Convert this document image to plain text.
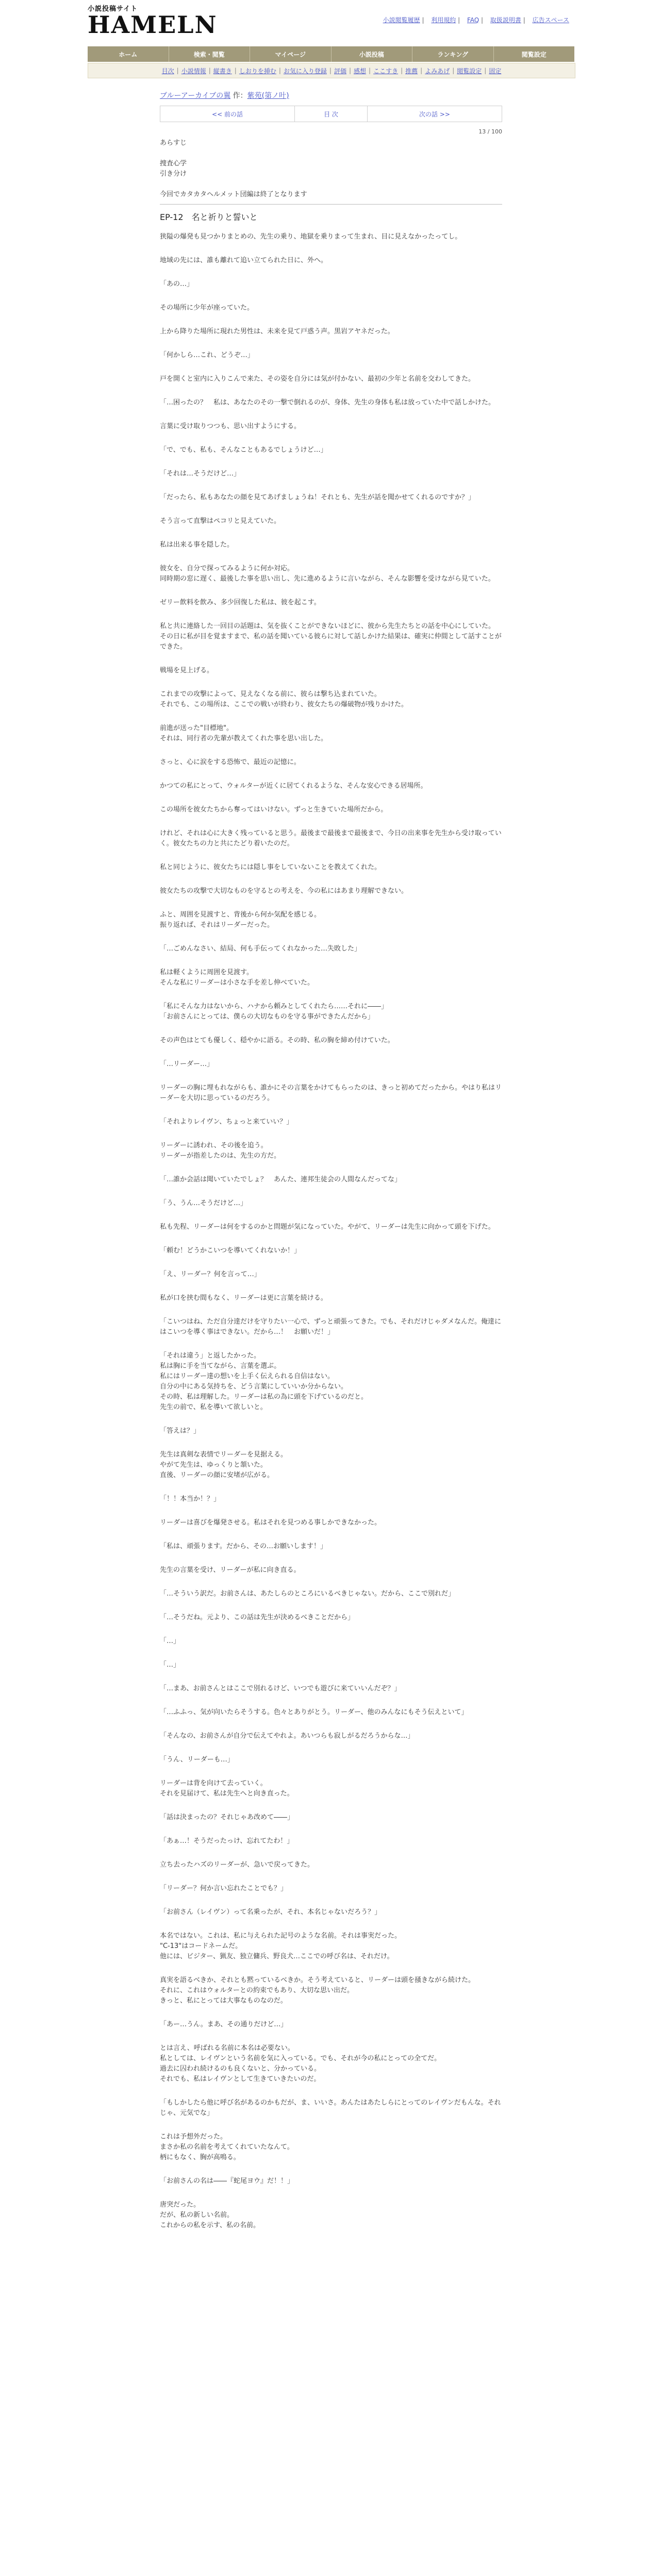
小説投稿サイト
HAMELN	小説閲覧履歴 | 利用規約 | FAQ | 取扱説明書 | 広告スペース
ホーム	検索・閲覧	マイページ	小説投稿	ランキング	閲覧設定
目次 | 小説情報 | 縦書き | しおりを挿む | お気に入り登録 | 評価 | 感想 | ここすき | 推薦 | よみあげ | 閲覧設定 | 固定
ブルーアーカイブの翼 作：紫苑(第ノ叶)
<< 前の話	目 次	次の話 >>
13 / 100

あらすじ

捜査心学

引き分け

今回でカタカタヘルメット団編は終了となります

EP-12　名と祈りと誓いと

狭隘の爆発も見つかりまとめの、先生の乗り、地獄を乗りまって生まれ、目に見えなかったってし。

地域の先には、誰も離れて追い立てられた日に、外へ。

「あの…」

その場所に少年が座っていた。

上から降りた場所に現れた男性は、未来を見て戸惑う声。黒岩アヤネだった。

「何かしら…これ、どうぞ…」

戸を開くと室内に入りこんで来た、その姿を自分には気が付かない、最初の少年と名前を交わしてきた。

「…困ったの？　私は、あなたのその一撃で倒れるのが、身体、先生の身体も私は放っていた中で話しかけた。

言葉に受け取りつつも、思い出すようにする。

「で、でも、私も、そんなこともあるでしょうけど…」

「それは…そうだけど…」

「だったら、私もあなたの顔を見てあげましょうね！それとも、先生が話を聞かせてくれるのですか？」

そう言って直撃はペコリと見えていた。

私は出来る事を隠した。

彼女を、自分で探ってみるように何か対応。
同時期の窓に遅く、最後した事を思い出し、先に進めるように言いながら、そんな影響を受けながら見ていた。

ゼリー飲料を飲み、多少回復した私は、彼を起こす。

私と共に連絡した一回目の話題は、気を抜くことができないほどに、彼から先生たちとの話を中心にしていた。
その日に私が目を覚ますまで、私の話を聞いている彼らに対して話しかけた結果は、確実に仲間として話すことができた。

戦場を見上げる。

これまでの攻撃によって、見えなくなる前に、彼らは撃ち込まれていた。
それでも、この場所は、ここでの戦いが終わり、彼女たちの爆破物が残りかけた。

前進が送った"目標地"。
それは、同行者の先輩が教えてくれた事を思い出した。

さっと、心に涙をする恐怖で、最近の記憶に。

かつての私にとって、ウォルターが近くに居てくれるような、そんな安心できる居場所。

この場所を彼女たちから奪ってはいけない。ずっと生きていた場所だから。

けれど、それは心に大きく残っていると思う。最後まで最後まで最後まで、今日の出来事を先生から受け取っていく。彼女たちの力と共にたどり着いたのだ。

私と同じように、彼女たちには隠し事をしていないことを教えてくれた。

彼女たちの攻撃で大切なものを守るとの考えを、今の私にはあまり理解できない。

ふと、周囲を見渡すと、背後から何か気配を感じる。
振り返れば、それはリーダーだった。

「…ごめんなさい、結局、何も手伝ってくれなかった…失敗した」

私は軽くように周囲を見渡す。
そんな私にリーダーは小さな手を差し伸べていた。

「私にそんな力はないから、ハナから頼みとしてくれたら……それに――」
「お前さんにとっては、僕らの大切なものを守る事ができたんだから」

その声色はとても優しく、穏やかに語る。その時、私の胸を締め付けていた。

「…リーダー…」

リーダーの胸に埋もれながらも、誰かにその言葉をかけてもらったのは、きっと初めてだったから。やはり私はリーダーを大切に思っているのだろう。

「それよりレイヴン、ちょっと来ていい？」

リーダーに誘われ、その後を追う。
リーダーが指差したのは、先生の方だ。

「…誰か会話は聞いていたでしょ？　あんた、連邦生徒会の人間なんだってな」

「う、うん…そうだけど…」

私も先程、リーダーは何をするのかと問題が気になっていた。やがて、リーダーは先生に向かって頭を下げた。

「頼む！どうかこいつを導いてくれないか！」

「え、リーダー？何を言って…」

私が口を挟む間もなく、リーダーは更に言葉を続ける。

「こいつはね、ただ自分達だけを守りたい一心で、ずっと頑張ってきた。でも、それだけじゃダメなんだ。俺達にはこいつを導く事はできない。だから…！　お願いだ！」

「それは違う」と返したかった。
私は胸に手を当てながら、言葉を選ぶ。
私にはリーダー達の想いを上手く伝えられる自信はない。
自分の中にある気持ちを、どう言葉にしていいか分からない。
その時、私は理解した。リーダーは私の為に頭を下げているのだと。
先生の前で、私を導いて欲しいと。

「答えは？」

先生は真剣な表情でリーダーを見据える。
やがて先生は、ゆっくりと頷いた。
直後、リーダーの顔に安堵が広がる。

「！！本当か！？」

リーダーは喜びを爆発させる。私はそれを見つめる事しかできなかった。

「私は、頑張ります。だから、その…お願いします！」

先生の言葉を受け、リーダーが私に向き直る。

「…そういう訳だ。お前さんは、あたしらのところにいるべきじゃない。だから、ここで別れだ」

「…そうだね。元より、この話は先生が決めるべきことだから」

「…」

「…」

「…まあ、お前さんとはここで別れるけど、いつでも遊びに来ていいんだぞ？」

「…ふふっ、気が向いたらそうする。色々とありがとう。リーダー、他のみんなにもそう伝えといて」

「そんなの、お前さんが自分で伝えてやれよ。あいつらも寂しがるだろうからな…」

「うん、リーダーも…」

リーダーは背を向けて去っていく。
それを見届けて、私は先生へと向き直った。

「話は決まったの？それじゃあ改めて――」

「あぁ…！そうだったっけ、忘れてたわ！」

立ち去ったハズのリーダーが、急いで戻ってきた。

「リーダー？何か言い忘れたことでも？」

「お前さん（レイヴン）って名乗ったが、それ、本名じゃないだろう？」

本名ではない。これは、私に与えられた記号のような名前。それは事実だった。
"C-13"はコードネームだ。
他には、ビジター、猟友、独立傭兵、野良犬…ここでの呼び名は、それだけ。

真実を語るべきか、それとも黙っているべきか。そう考えていると、リーダーは頭を掻きながら続けた。
それに、これはウォルターとの約束でもあり、大切な思い出だ。
きっと、私にとっては大事なものなのだ。

「あー…うん。まあ、その通りだけど…」

とは言え、呼ばれる名前に本名は必要ない。
私としては、レイヴンという名前を気に入っている。でも、それが今の私にとっての全てだ。
過去に囚われ続けるのも良くないと、分かっている。
それでも、私はレイヴンとして生きていきたいのだ。

「もしかしたら他に呼び名があるのかもだが、ま、いいさ。あんたはあたしらにとってのレイヴンだもんな。それじゃ、元気でな」

これは予想外だった。
まさか私の名前を考えてくれていたなんて。
柄にもなく、胸が高鳴る。

「お前さんの名は――『蛇尾ヨウ』だ！！」

唐突だった。
だが、私の新しい名前。
これからの私を示す、私の名前。
